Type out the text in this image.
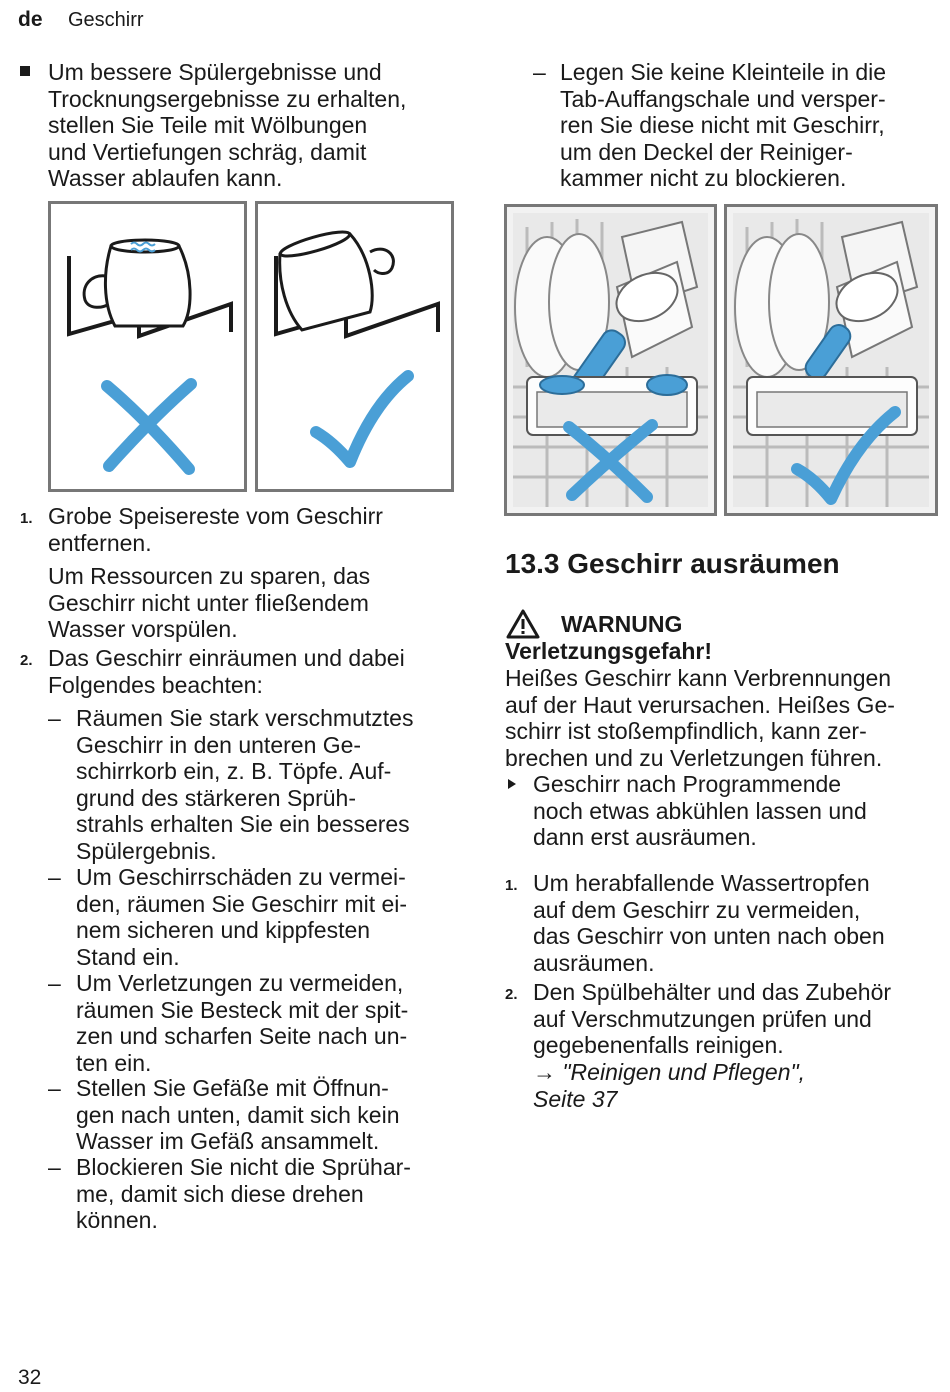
de Geschirr
Um bessere Spülergebnisse und
Trocknungsergebnisse zu erhalten,
stellen Sie Teile mit Wölbungen
und Vertiefungen schräg, damit
Wasser ablaufen kann.
1. Grobe Speisereste vom Geschirr
entfernen.
Um Ressourcen zu sparen, das
Geschirr nicht unter fließendem
Wasser vorspülen.
2. Das Geschirr einräumen und dabei
Folgendes beachten:
– Räumen Sie stark verschmutztes
Geschirr in den unteren Ge-
schirrkorb ein, z. B. Töpfe. Auf-
grund des stärkeren Sprüh-
strahls erhalten Sie ein besseres
Spülergebnis.
– Um Geschirrschäden zu vermei-
den, räumen Sie Geschirr mit ei-
nem sicheren und kippfesten
Stand ein.
– Um Verletzungen zu vermeiden,
räumen Sie Besteck mit der spit-
zen und scharfen Seite nach un-
ten ein.
– Stellen Sie Gefäße mit Öffnun-
gen nach unten, damit sich kein
Wasser im Gefäß ansammelt.
– Blockieren Sie nicht die Sprühar-
me, damit sich diese drehen
können.
– Legen Sie keine Kleinteile in die
Tab-Auffangschale und versper-
ren Sie diese nicht mit Geschirr,
um den Deckel der Reiniger-
kammer nicht zu blockieren.
13.3 Geschirr ausräumen
WARNUNG
Verletzungsgefahr!
Heißes Geschirr kann Verbrennungen
auf der Haut verursachen. Heißes Ge-
schirr ist stoßempfindlich, kann zer-
brechen und zu Verletzungen führen.
Geschirr nach Programmende
noch etwas abkühlen lassen und
dann erst ausräumen.
1. Um herabfallende Wassertropfen
auf dem Geschirr zu vermeiden,
das Geschirr von unten nach oben
ausräumen.
2. Den Spülbehälter und das Zubehör
auf Verschmutzungen prüfen und
gegebenenfalls reinigen.
→ "Reinigen und Pflegen",
Seite 37
32
